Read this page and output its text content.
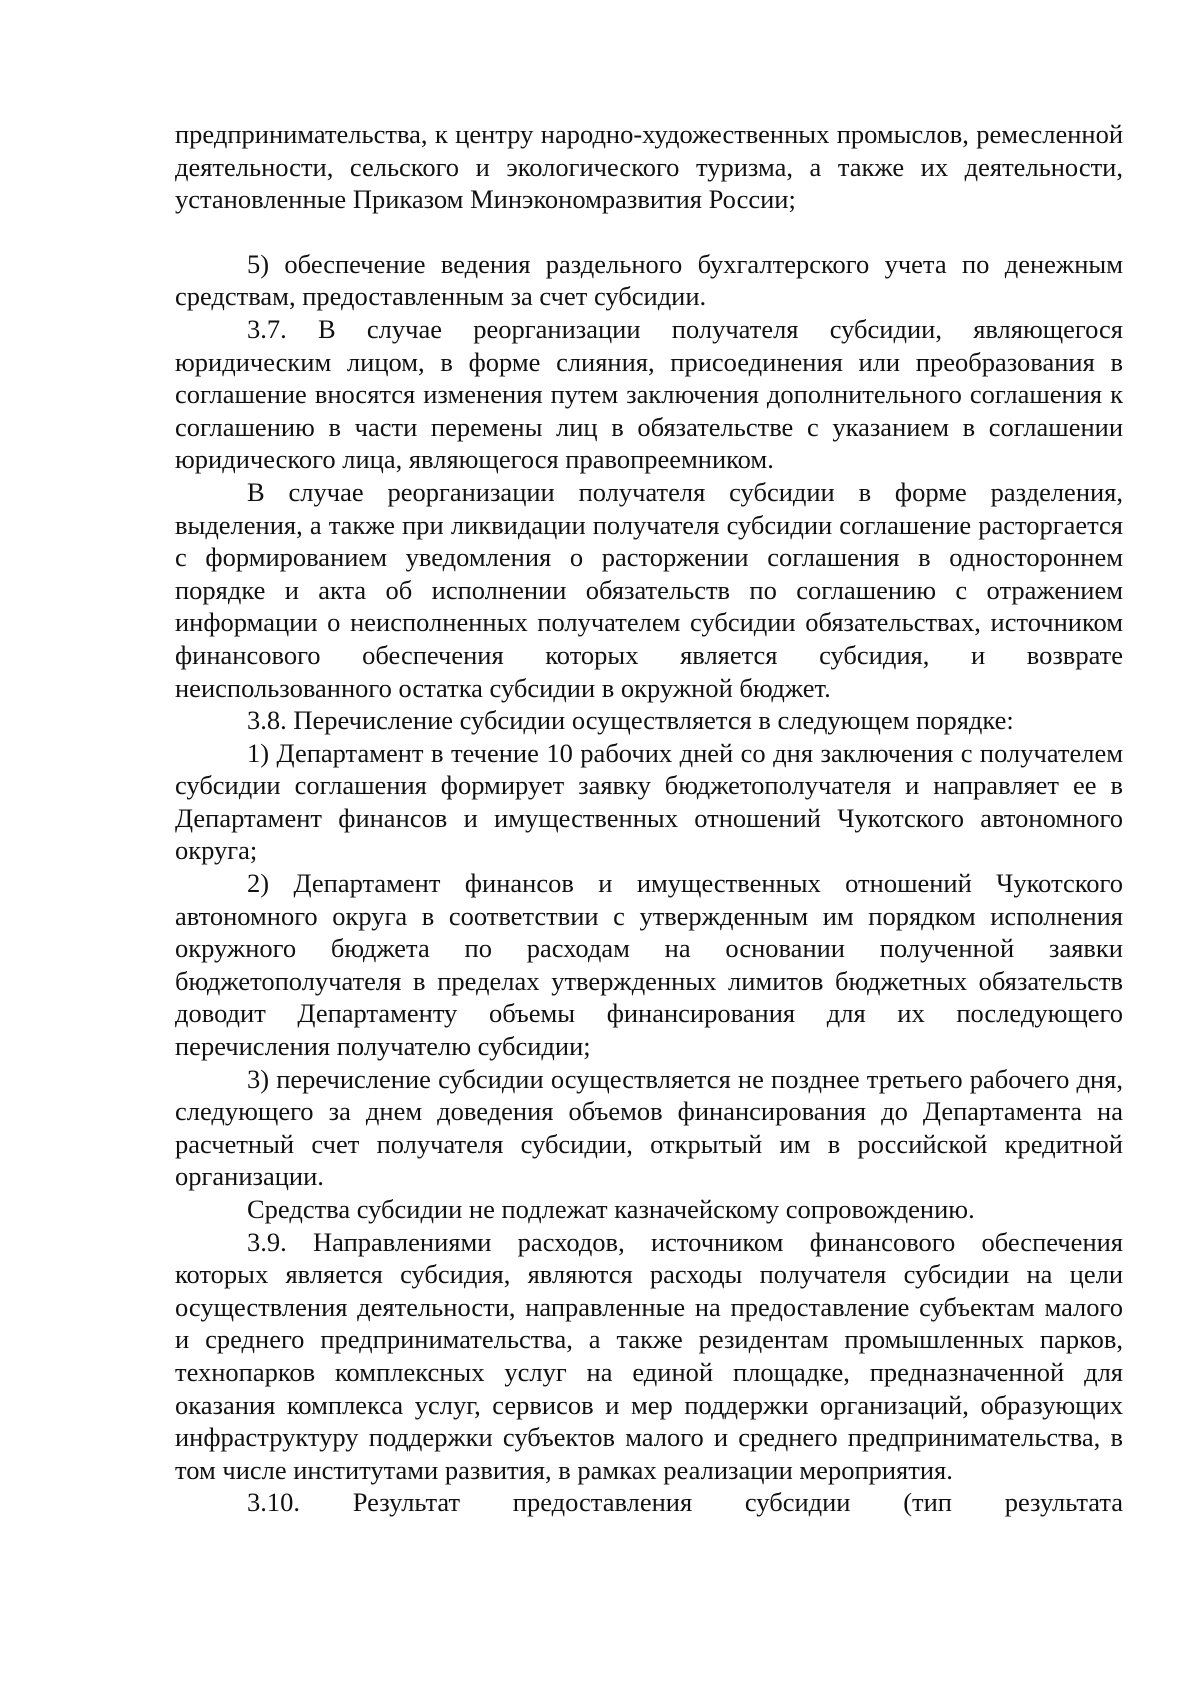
предпринимательства, к центру народно-художественных промыслов, ремесленной деятельности, сельского и экологического туризма, а также их деятельности, установленные Приказом Минэкономразвития России;

5) обеспечение ведения раздельного бухгалтерского учета по денежным средствам, предоставленным за счет субсидии.

3.7. В случае реорганизации получателя субсидии, являющегося юридическим лицом, в форме слияния, присоединения или преобразования в соглашение вносятся изменения путем заключения дополнительного соглашения к соглашению в части перемены лиц в обязательстве с указанием в соглашении юридического лица, являющегося правопреемником.

В случае реорганизации получателя субсидии в форме разделения, выделения, а также при ликвидации получателя субсидии соглашение расторгается с формированием уведомления о расторжении соглашения в одностороннем порядке и акта об исполнении обязательств по соглашению с отражением информации о неисполненных получателем субсидии обязательствах, источником финансового обеспечения которых является субсидия, и возврате неиспользованного остатка субсидии в окружной бюджет.

3.8. Перечисление субсидии осуществляется в следующем порядке:

1) Департамент в течение 10 рабочих дней со дня заключения с получателем субсидии соглашения формирует заявку бюджетополучателя и направляет ее в Департамент финансов и имущественных отношений Чукотского автономного округа;

2) Департамент финансов и имущественных отношений Чукотского автономного округа в соответствии с утвержденным им порядком исполнения окружного бюджета по расходам на основании полученной заявки бюджетополучателя в пределах утвержденных лимитов бюджетных обязательств доводит Департаменту объемы финансирования для их последующего перечисления получателю субсидии;

3) перечисление субсидии осуществляется не позднее третьего рабочего дня, следующего за днем доведения объемов финансирования до Департамента на расчетный счет получателя субсидии, открытый им в российской кредитной организации.

Средства субсидии не подлежат казначейскому сопровождению.

3.9. Направлениями расходов, источником финансового обеспечения которых является субсидия, являются расходы получателя субсидии на цели осуществления деятельности, направленные на предоставление субъектам малого и среднего предпринимательства, а также резидентам промышленных парков, технопарков комплексных услуг на единой площадке, предназначенной для оказания комплекса услуг, сервисов и мер поддержки организаций, образующих инфраструктуру поддержки субъектов малого и среднего предпринимательства, в том числе институтами развития, в рамках реализации мероприятия.

3.10. Результат предоставления субсидии (тип результата
